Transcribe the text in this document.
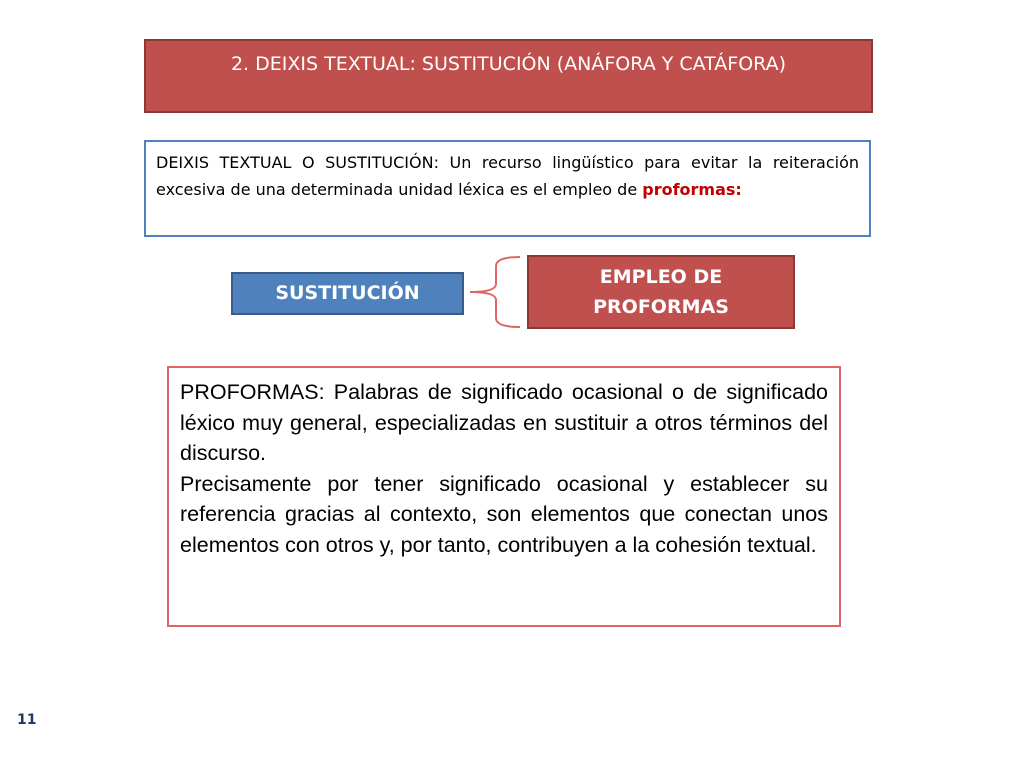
2. DEIXIS TEXTUAL: SUSTITUCIÓN (ANÁFORA Y CATÁFORA)
DEIXIS TEXTUAL O SUSTITUCIÓN: Un recurso lingüístico para evitar la reiteración excesiva de una determinada unidad léxica es el empleo de proformas:
SUSTITUCIÓN
EMPLEO DE PROFORMAS

PROFORMAS: Palabras de significado ocasional o de significado léxico muy general, especializadas en sustituir a otros términos del discurso.

Precisamente por tener significado ocasional y establecer su referencia gracias al contexto, son elementos que conectan unos elementos con otros y, por tanto, contribuyen a la cohesión textual.

11
